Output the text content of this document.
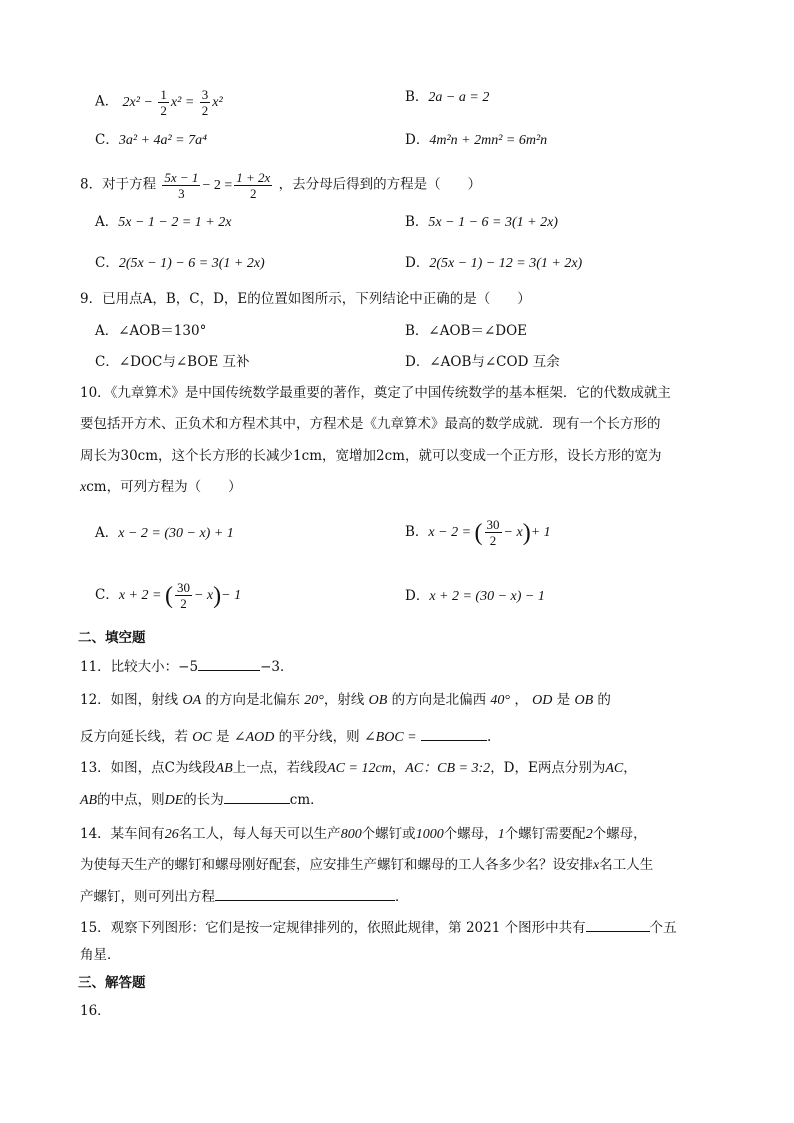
A． $2x^2 - \frac{1}{2} x^2 = \frac{3}{2} x^2$	B．2a − a = 2
C．3a² + 4a² = 7a⁴	D．4m²n + 2mn² = 6m²n
8．对于方程 $\frac{5x - 1}{3} - 2 = \frac{1 + 2x}{2}$ ，去分母后得到的方程是（　　）
A．5x − 1 − 2 = 1 + 2x	B．5x − 1 − 6 = 3(1 + 2x)
C．2(5x − 1) − 6 = 3(1 + 2x)	D．2(5x − 1) − 12 = 3(1 + 2x)
9．已用点A，B，C，D，E的位置如图所示，下列结论中正确的是（　　）
A．∠AOB＝130°	B．∠AOB＝∠DOE
C．∠DOC与∠BOE 互补	D．∠AOB与∠COD 互余
10．《九章算术》是中国传统数学最重要的著作，奠定了中国传统数学的基本框架．它的代数成就主
要包括开方术、正负术和方程术其中，方程术是《九章算术》最高的数学成就．现有一个长方形的
周长为30cm，这个长方形的长减少1cm，宽增加2cm，就可以变成一个正方形，设长方形的宽为
xcm，可列方程为（　　）
A．x − 2 = (30 − x) + 1	B．x − 2 = ( $\frac{30}{2} - x)+ 1$
C．x + 2 = ( $\frac{30}{2} - x)- 1$	D．x + 2 = (30 − x) − 1
二、填空题
11．比较大小：−5	−3．
12．如图，射线 OA 的方向是北偏东 20°，射线 OB 的方向是北偏西 40° ， OD 是 OB 的
反方向延长线，若 OC 是 ∠AOD 的平分线，则 ∠BOC =	.
13．如图，点C为线段AB上一点，若线段AC = 12cm，AC：CB = 3:2，D，E两点分别为AC，
AB的中点，则DE的长为	cm．
14．某车间有26名工人，每人每天可以生产800个螺钉或1000个螺母，1个螺钉需要配2个螺母，
为使每天生产的螺钉和螺母刚好配套，应安排生产螺钉和螺母的工人各多少名？设安排x名工人生
产螺钉，则可列出方程	．
15．观察下列图形：它们是按一定规律排列的，依照此规律，第 2021 个图形中共有	个五
角星．
三、解答题
16．
